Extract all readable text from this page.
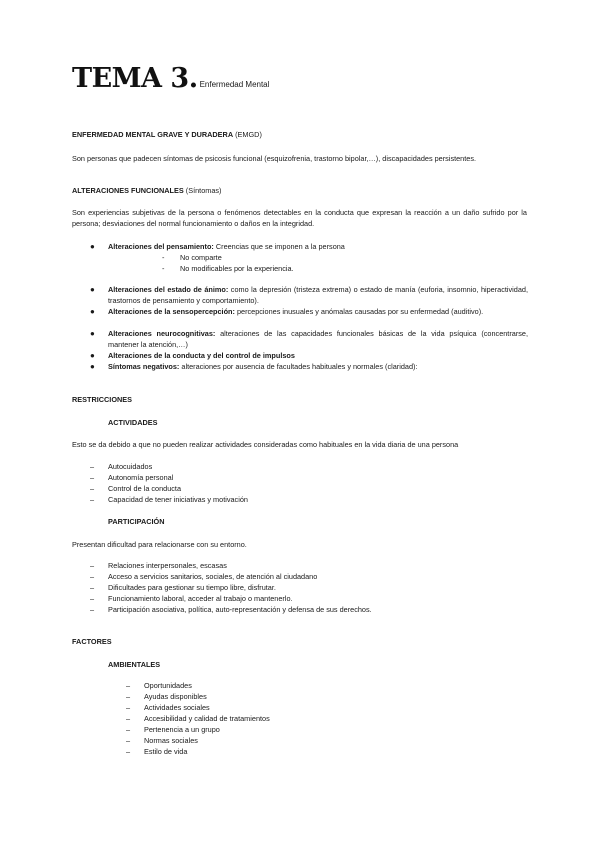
TEMA 3. Enfermedad Mental
ENFERMEDAD MENTAL GRAVE Y DURADERA (EMGD)
Son personas que padecen síntomas de psicosis funcional (esquizofrenia, trastorno bipolar,…), discapacidades persistentes.
ALTERACIONES FUNCIONALES (Síntomas)
Son experiencias subjetivas de la persona o fenómenos detectables en la conducta que expresan la reacción a un daño sufrido por la persona; desviaciones del normal funcionamiento o daños en la integridad.
● Alteraciones del pensamiento: Creencias que se imponen a la persona
- No comparte
- No modificables por la experiencia.
● Alteraciones del estado de ánimo: como la depresión (tristeza extrema) o estado de manía (euforia, insomnio, hiperactividad, trastornos de pensamiento y comportamiento).
● Alteraciones de la sensopercepción: percepciones inusuales y anómalas causadas por su enfermedad (auditivo).
● Alteraciones neurocognitivas: alteraciones de las capacidades funcionales básicas de la vida psíquica (concentrarse, mantener la atención,…)
● Alteraciones de la conducta y del control de impulsos
● Síntomas negativos: alteraciones por ausencia de facultades habituales y normales (claridad):
RESTRICCIONES
ACTIVIDADES
Esto se da debido a que no pueden realizar actividades consideradas como habituales en la vida diaria de una persona
– Autocuidados
– Autonomía personal
– Control de la conducta
– Capacidad de tener iniciativas y motivación
PARTICIPACIÓN
Presentan dificultad para relacionarse con su entorno.
– Relaciones interpersonales, escasas
– Acceso a servicios sanitarios, sociales, de atención al ciudadano
– Dificultades para gestionar su tiempo libre, disfrutar.
– Funcionamiento laboral, acceder al trabajo o mantenerlo.
– Participación asociativa, política, auto-representación y defensa de sus derechos.
FACTORES
AMBIENTALES
– Oportunidades
– Ayudas disponibles
– Actividades sociales
– Accesibilidad y calidad de tratamientos
– Pertenencia a un grupo
– Normas sociales
– Estilo de vida
